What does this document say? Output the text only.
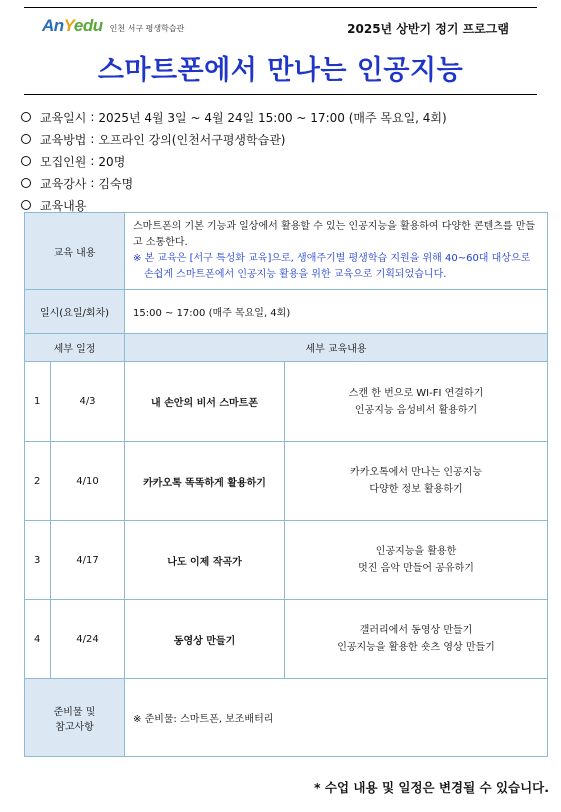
AnYedu 인천 서구 평생학습관	2025년 상반기 정기 프로그램
스마트폰에서 만나는 인공지능
교육일시 : 2025년 4월 3일 ~ 4월 24일 15:00 ~ 17:00 (매주 목요일, 4회)
교육방법 : 오프라인 강의(인천서구평생학습관)
모집인원 : 20명
교육강사 : 김숙명
교육내용
교육 내용		스마트폰의 기본 기능과 일상에서 활용할 수 있는 인공지능을 활용하여 다양한 콘텐츠를 만들고 소통한다.
※ 본 교육은 [서구 특성화 교육]으로, 생애주기별 평생학습 지원을 위해 40~60대 대상으로 손쉽게 스마트폰에서 인공지능 활용을 위한 교육으로 기획되었습니다.	

일시(요일/회차)		15:00 ~ 17:00 (매주 목요일, 4회)	
세부 일정		세부 교육내용	
1	4/3	내 손안의 비서 스마트폰	스캔 한 번으로 WI-FI 연결하기
인공지능 음성비서 활용하기

2	4/10	카카오톡 똑똑하게 활용하기	카카오톡에서 만나는 인공지능
다양한 정보 활용하기

3	4/17	나도 이제 작곡가	인공지능을 활용한
멋진 음악 만들어 공유하기

4	4/24	동영상 만들기	갤러리에서 동영상 만들기
인공지능을 활용한 숏츠 영상 만들기

준비물 및
참고사항		※ 준비물: 스마트폰, 보조배터리	
* 수업 내용 및 일정은 변경될 수 있습니다.
